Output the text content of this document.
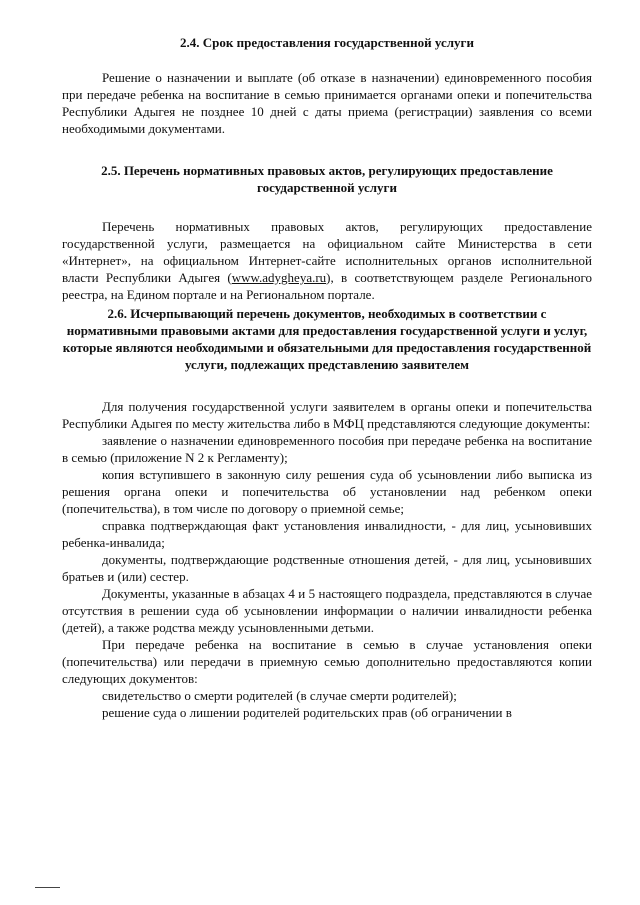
2.4. Срок предоставления государственной услуги

Решение о назначении и выплате (об отказе в назначении) единовременного пособия при передаче ребенка на воспитание в семью принимается органами опеки и попечительства Республики Адыгея не позднее 10 дней с даты приема (регистрации) заявления со всеми необходимыми документами.

2.5. Перечень нормативных правовых актов, регулирующих предоставление государственной услуги

Перечень нормативных правовых актов, регулирующих предоставление государственной услуги, размещается на официальном сайте Министерства в сети «Интернет», на официальном Интернет-сайте исполнительных органов исполнительной власти Республики Адыгея (www.adygheya.ru), в соответствующем разделе Регионального реестра, на Едином портале и на Региональном портале.

2.6. Исчерпывающий перечень документов, необходимых в соответствии с нормативными правовыми актами для предоставления государственной услуги и услуг, которые являются необходимыми и обязательными для предоставления государственной услуги, подлежащих представлению заявителем

Для получения государственной услуги заявителем в органы опеки и попечительства Республики Адыгея по месту жительства либо в МФЦ представляются следующие документы:

заявление о назначении единовременного пособия при передаче ребенка на воспитание в семью (приложение N 2 к Регламенту);

копия вступившего в законную силу решения суда об усыновлении либо выписка из решения органа опеки и попечительства об установлении над ребенком опеки (попечительства), в том числе по договору о приемной семье;

справка подтверждающая факт установления инвалидности, - для лиц, усыновивших ребенка-инвалида;

документы, подтверждающие родственные отношения детей, - для лиц, усыновивших братьев и (или) сестер.

Документы, указанные в абзацах 4 и 5 настоящего подраздела, представляются в случае отсутствия в решении суда об усыновлении информации о наличии инвалидности ребенка (детей), а также родства между усыновленными детьми.

При передаче ребенка на воспитание в семью в случае установления опеки (попечительства) или передачи в приемную семью дополнительно предоставляются копии следующих документов:

свидетельство о смерти родителей (в случае смерти родителей);

решение суда о лишении родителей родительских прав (об ограничении в
